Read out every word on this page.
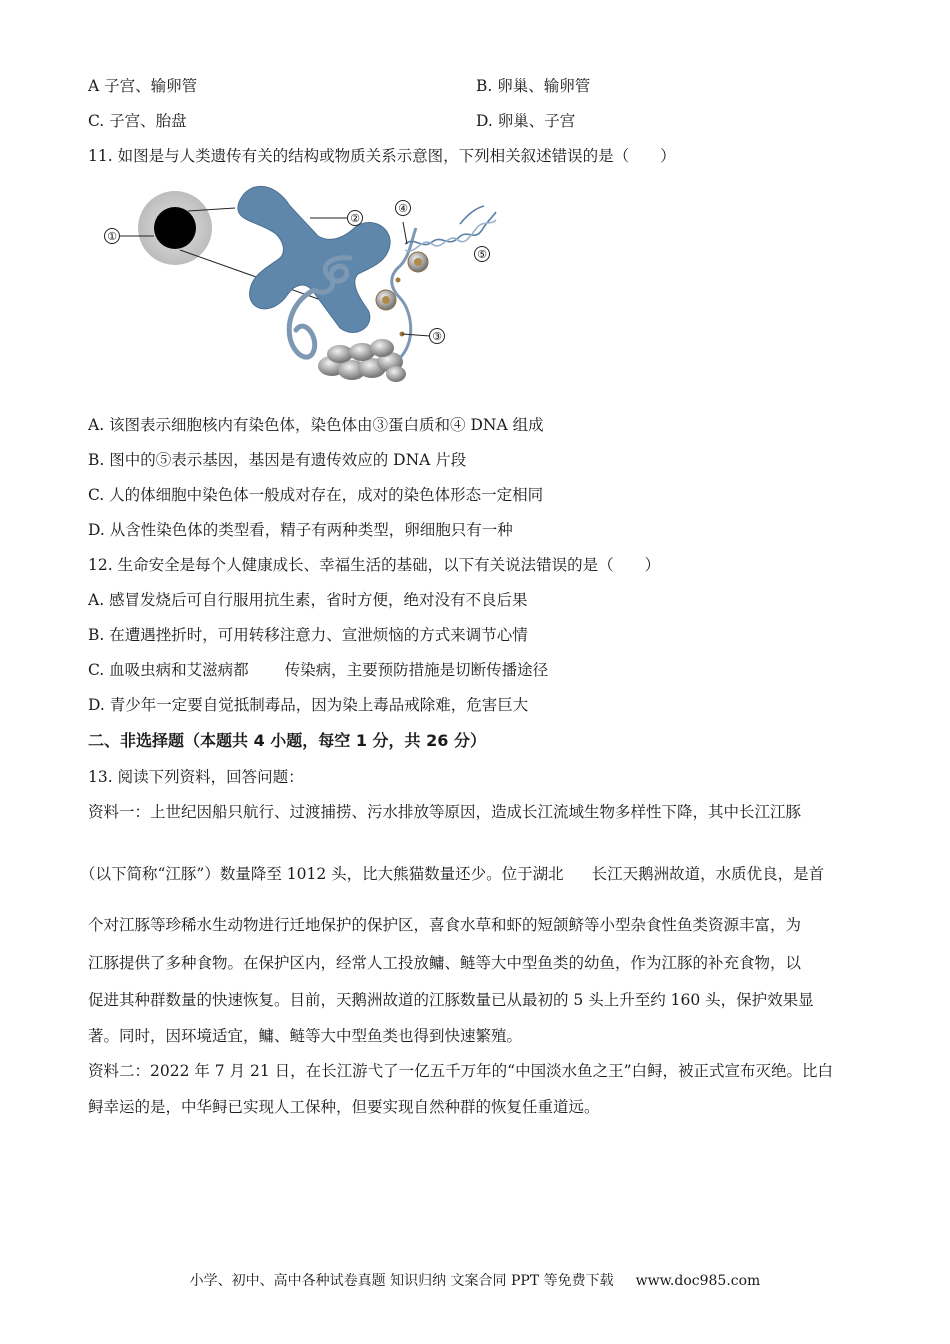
A 子宫、输卵管	B. 卵巢、输卵管
C. 子宫、胎盘	D. 卵巢、子宫
11. 如图是与人类遗传有关的结构或物质关系示意图，下列相关叙述错误的是（　　）
①
②
③
④
⑤
A. 该图表示细胞核内有染色体，染色体由③蛋白质和④ DNA 组成
B. 图中的⑤表示基因，基因是有遗传效应的 DNA 片段
C. 人的体细胞中染色体一般成对存在，成对的染色体形态一定相同
D. 从含性染色体的类型看，精子有两种类型，卵细胞只有一种
12. 生命安全是每个人健康成长、幸福生活的基础，以下有关说法错误的是（　　）
A. 感冒发烧后可自行服用抗生素，省时方便，绝对没有不良后果
B. 在遭遇挫折时，可用转移注意力、宣泄烦恼的方式来调节心情
C. 血吸虫病和艾滋病都 传染病，主要预防措施是切断传播途径
D. 青少年一定要自觉抵制毒品，因为染上毒品戒除难，危害巨大
二、非选择题（本题共 4 小题，每空 1 分，共 26 分）
13. 阅读下列资料，回答问题：
资料一：上世纪因船只航行、过渡捕捞、污水排放等原因，造成长江流域生物多样性下降，其中长江江豚
（以下简称“江豚”）数量降至 1012 头，比大熊猫数量还少。位于湖北 长江天鹅洲故道，水质优良，是首
个对江豚等珍稀水生动物进行迁地保护的保护区，喜食水草和虾的短颌鲚等小型杂食性鱼类资源丰富，为
江豚提供了多种食物。在保护区内，经常人工投放鳙、鲢等大中型鱼类的幼鱼，作为江豚的补充食物，以
促进其种群数量的快速恢复。目前，天鹅洲故道的江豚数量已从最初的 5 头上升至约 160 头，保护效果显
著。同时，因环境适宜，鳙、鲢等大中型鱼类也得到快速繁殖。
资料二：2022 年 7 月 21 日，在长江游弋了一亿五千万年的“中国淡水鱼之王”白鲟，被正式宣布灭绝。比白
鲟幸运的是，中华鲟已实现人工保种，但要实现自然种群的恢复任重道远。
小学、初中、高中各种试卷真题 知识归纳 文案合同 PPT 等免费下载 www.doc985.com
